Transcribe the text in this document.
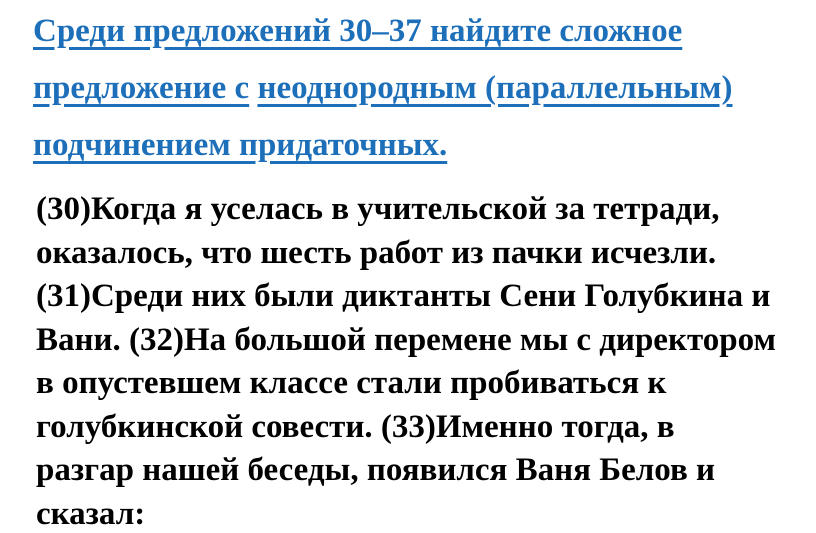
Среди предложений 30–37 найдите сложное
предложение с неоднородным (параллельным)
подчинением придаточных.
(30)Когда я уселась в учительской за тетради,
оказалось, что шесть работ из пачки исчезли.
(31)Среди них были диктанты Сени Голубкина и
Вани. (32)На большой перемене мы с директором
в опустевшем классе стали пробиваться к
голубкинской совести. (33)Именно тогда, в
разгар нашей беседы, появился Ваня Белов и
сказал:
